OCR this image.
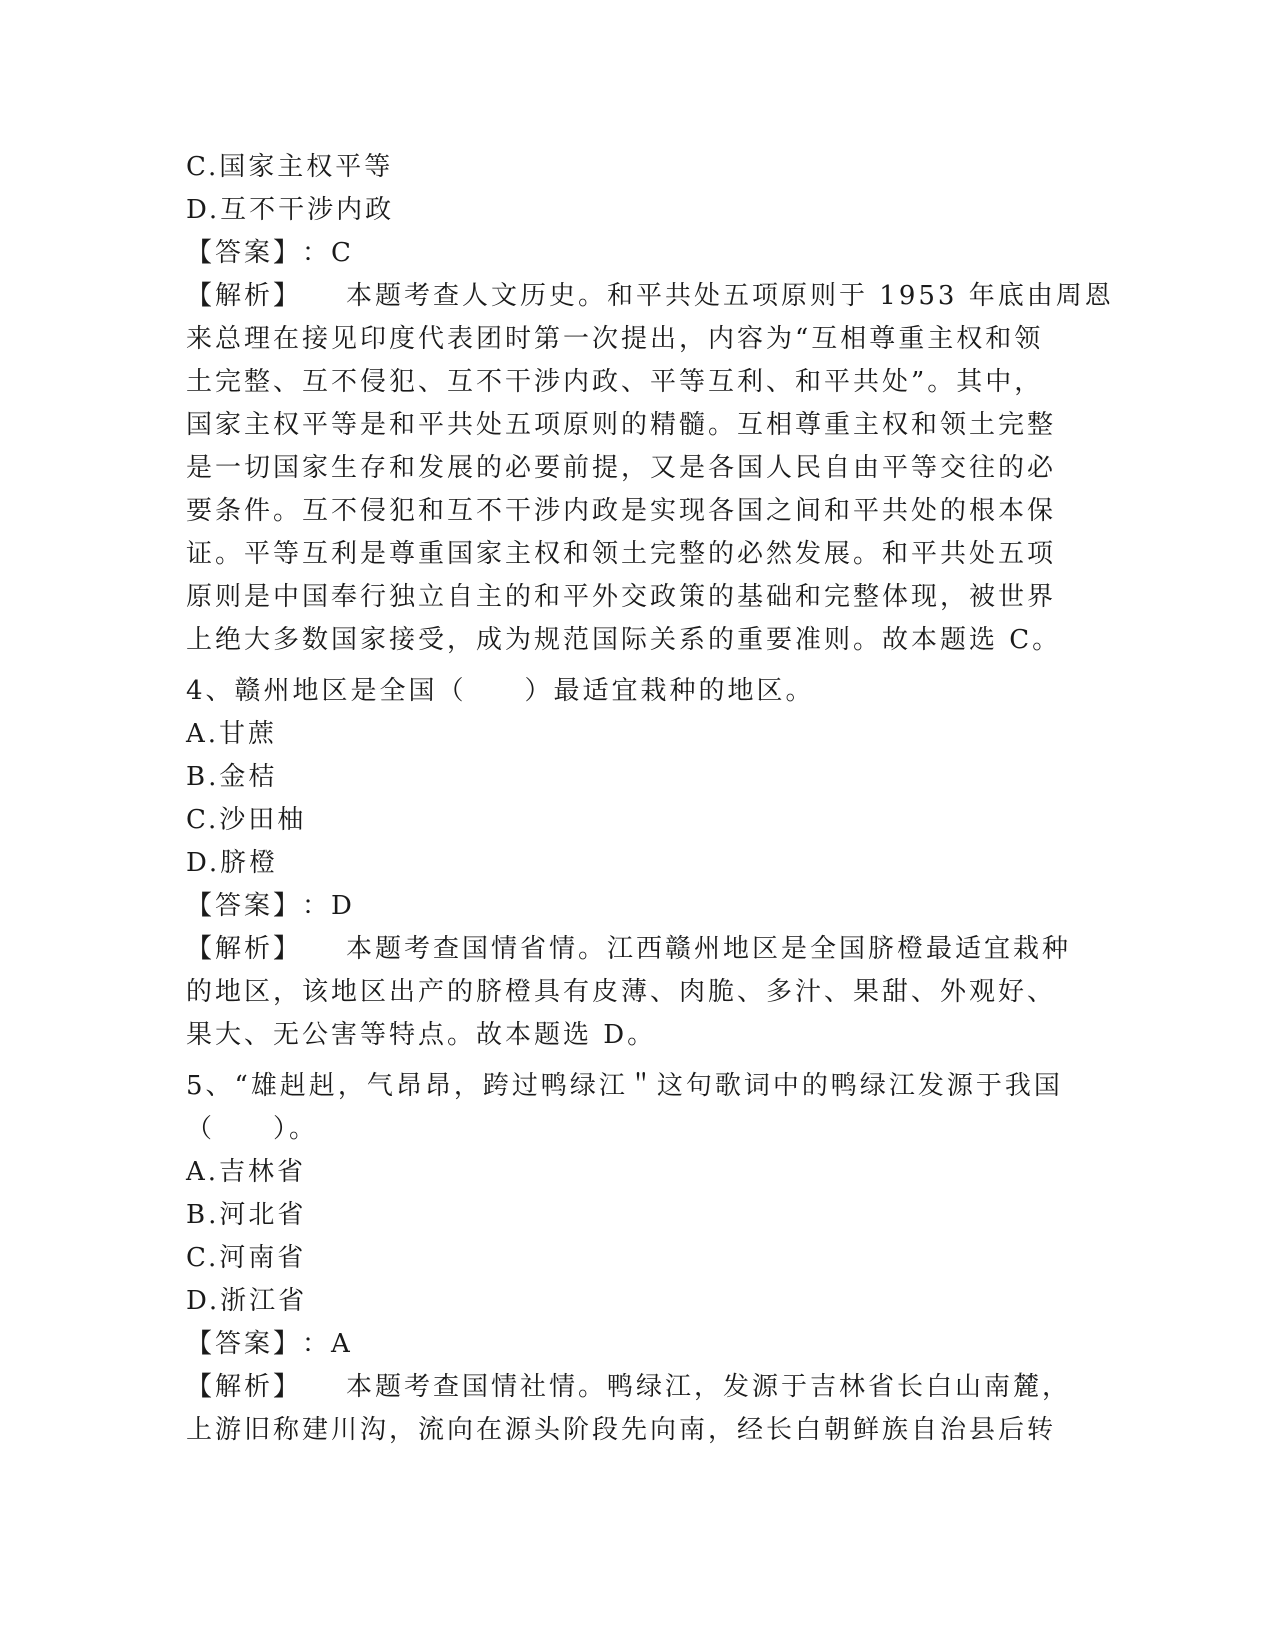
C.国家主权平等
D.互不干涉内政
【答案】：C
【解析】 本题考查人文历史。和平共处五项原则于 1953 年底由周恩
来总理在接见印度代表团时第一次提出，内容为“互相尊重主权和领
土完整、互不侵犯、互不干涉内政、平等互利、和平共处”。其中，
国家主权平等是和平共处五项原则的精髓。互相尊重主权和领土完整
是一切国家生存和发展的必要前提，又是各国人民自由平等交往的必
要条件。互不侵犯和互不干涉内政是实现各国之间和平共处的根本保
证。平等互利是尊重国家主权和领土完整的必然发展。和平共处五项
原则是中国奉行独立自主的和平外交政策的基础和完整体现，被世界
上绝大多数国家接受，成为规范国际关系的重要准则。故本题选 C。
4、赣州地区是全国（　　）最适宜栽种的地区。
A.甘蔗
B.金桔
C.沙田柚
D.脐橙
【答案】：D
【解析】 本题考查国情省情。江西赣州地区是全国脐橙最适宜栽种
的地区，该地区出产的脐橙具有皮薄、肉脆、多汁、果甜、外观好、
果大、无公害等特点。故本题选 D。
5、“雄赳赳，气昂昂，跨过鸭绿江＂这句歌词中的鸭绿江发源于我国
（　　）。
A.吉林省
B.河北省
C.河南省
D.浙江省
【答案】：A
【解析】 本题考查国情社情。鸭绿江，发源于吉林省长白山南麓，
上游旧称建川沟，流向在源头阶段先向南，经长白朝鲜族自治县后转
